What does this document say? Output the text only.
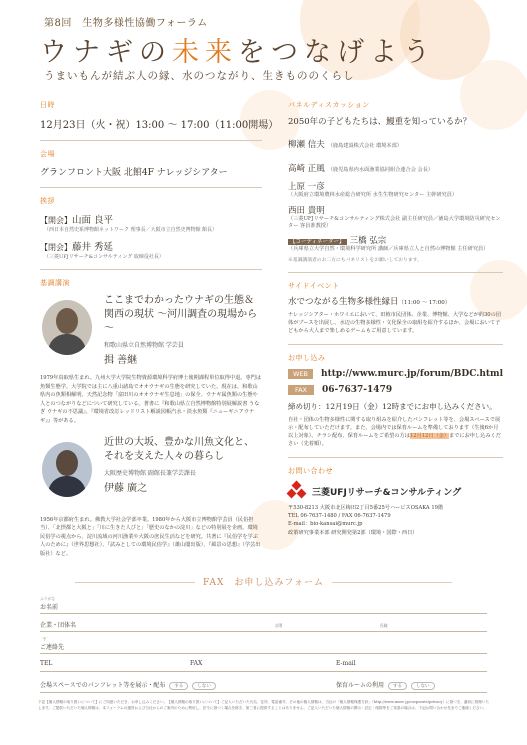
第8回　生物多様性協働フォーラム
ウナギの未来をつなげよう
うまいもんが結ぶ人の縁、水のつながり、生きもののくらし
日時
12月23日（火・祝）13:00 ～ 17:00（11:00開場）
会場
グランフロント大阪 北館4F ナレッジシアター
挨拶
【開会】山面 良平
（西日本自然史系博物館ネットワーク 理事長／大阪市立自然史博物館 館長）
【閉会】藤井 秀延
（三菱UFJリサーチ&コンサルティング 取締役社長）
基調講演
ここまでわかったウナギの生態＆関西の現状 ～河川調査の現場から～
和歌山県立自然博物館 学芸員
揖 善継
1979年鳥取県生まれ。九州大学大学院生物資源環境科学府博士後期課程単位取得中退。専門は魚類生態学。大学院では主に八重山諸島でオオウナギの生態を研究していた。現在は、和歌山県内の魚類相解明、天然記念物「富田川のオオウナギ生息地」の保全、ウナギ属魚類の生態や人とのつながりなどについて研究している。著書に『和歌山県立自然博物館特別展解説書 うなぎ ウナギの不思議』、『環境省改訂レッドリスト解説図帳汽水・淡水魚類『ニューギニアウナギ』』等がある。
近世の大坂、豊かな川魚文化と、それを支えた人々の暮らし
大阪歴史博物館 副館長兼学芸課長
伊藤 廣之
1956年京都府生まれ。佛教大学社会学部卒業。1980年から大阪市立博物館学芸員（民俗担当）、「北摂都と大阪と」「川に生きた人びと」「歴史のなかの淀川」などの特別展を企画。環境民俗学の視点から、淀川流域の河川漁業や大阪の庶民生活などを研究。共著に『民俗学を学ぶ人のために』（世界思想社）、『試みとしての環境民俗学』（雄山閣出版）、『風景の思想』（学芸出版社）など。
パネルディスカッション
2050年の子どもたちは、鰻重を知っているか？
柳瀬 信夫 （鹿島建設株式会社 環境本部）
高崎 正風 （鹿児島県内水面漁業協同組合連合会 会長）
上原 一彦
（大阪府立環境農林水産総合研究所 水生生物研究センター 主幹研究員）
西田 貴明
（三菱UFJリサーチ&コンサルティング株式会社 副主任研究員／徳島大学環境防災研究センター 客員准教授）
【コーディネーター】 三橋 弘宗
（兵庫県立大学自然・環境科学研究所 講師／兵庫県立人と自然の博物館 主任研究員）
※基調講演者のお二方にもパネリストをお願いしております。
サイドイベント
水でつながる生物多様性縁日（11:00 ～ 17:00）
ナレッジシアター・ホワイエにおいて、田植市民団体、企業、博物館、大学などが約30の団体がブースを出展し、水辺の生物多様性・文化保全の取組を紹介するほか、会場において子どもから大人まで楽しめるゲームもご用意しています。
お申し込み
WEB	http://www.murc.jp/forum/BDC.html
FAX	06-7637-1479
締め切り：12月19日（金）12時までにお申し込みください。
自社・団体の生物多様性に関する取り組みを紹介したパンフレット等を、会場スペースで展示・配布していただけます。また、会場内では保育ルームを準備しております（生後6か月以上対象）。チラシ配布、保育ルームをご希望の方は12月12日（金）までにお申し込みください（先着順）。
お問い合わせ
三菱UFJリサーチ&コンサルティング
〒530-8213 大阪市北区梅田2丁目5番25号ハービスOSAKA 19階
TEL 06-7637-1480 / FAX 06-7637-1479
E-mail：bio-kansai@murc.jp
政策研究事業本部 研究開発第2部（環境・国際・西日）
FAX　お申し込みフォーム
ふりがな
お名前
企業・団体名	部署	役職
〒
ご連絡先
TEL	FAX	E-mail
会場スペースでのパンフレット等を展示・配布 する	しない	保育ルームの利用 する	しない
下記【個人情報の取り扱いについて】にご同意いただき、お申し込みください。【個人情報の取り扱いについて】ご記入いただいた氏名、住所、電話番号、その他の個人情報は、当社の「個人情報保護方針」（http://www.murc.jp/corporate/privacy）に基づき、適切に管理いたします。ご提供いただいた個人情報は、本フォーラムの運営および当社からのご案内のために利用し、法令に基づく場合を除き、第三者に提供することはありません。ご記入いただいた個人情報の開示・訂正・削除等をご希望の場合は、下記お問い合わせ先までご連絡ください。
